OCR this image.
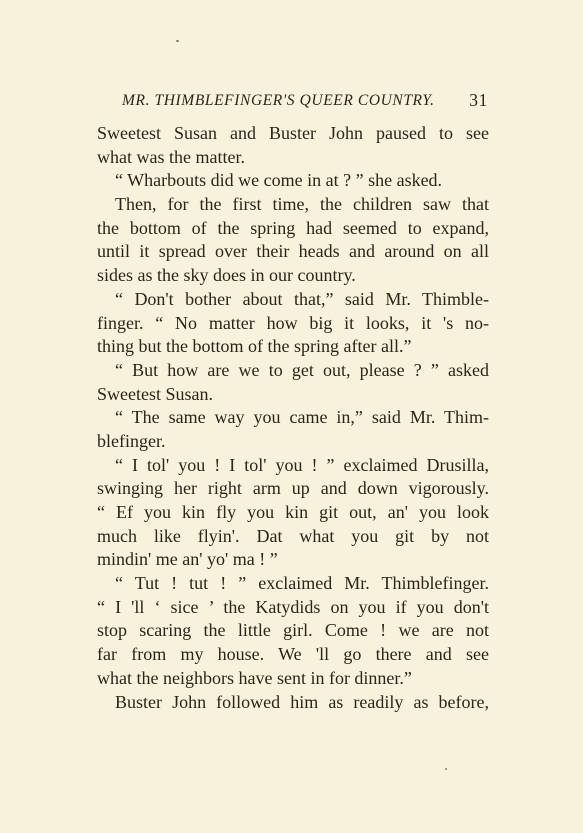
MR. THIMBLEFINGER'S QUEER COUNTRY. 31
Sweetest Susan and Buster John paused to see
what was the matter.
“ Wharbouts did we come in at ? ” she asked.
Then, for the first time, the children saw that
the bottom of the spring had seemed to expand,
until it spread over their heads and around on all
sides as the sky does in our country.
“ Don't bother about that,” said Mr. Thimble-
finger. “ No matter how big it looks, it 's no-
thing but the bottom of the spring after all.”
“ But how are we to get out, please ? ” asked
Sweetest Susan.
“ The same way you came in,” said Mr. Thim-
blefinger.
“ I tol' you ! I tol' you ! ” exclaimed Drusilla,
swinging her right arm up and down vigorously.
“ Ef you kin fly you kin git out, an' you look
much like flyin'. Dat what you git by not
mindin' me an' yo' ma ! ”
“ Tut ! tut ! ” exclaimed Mr. Thimblefinger.
“ I 'll ‘ sice ’ the Katydids on you if you don't
stop scaring the little girl. Come ! we are not
far from my house. We 'll go there and see
what the neighbors have sent in for dinner.”
Buster John followed him as readily as before,
